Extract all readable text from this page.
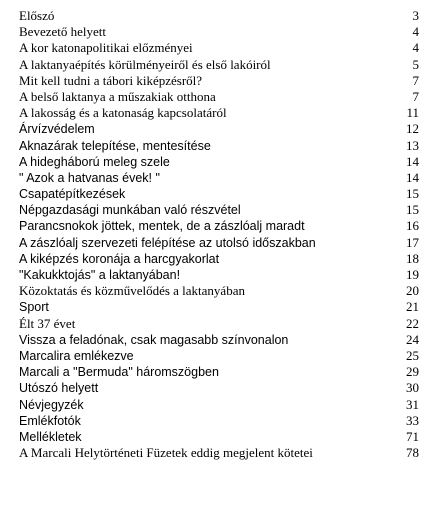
Előszó	3
Bevezető helyett	4
A kor katonapolitikai előzményei	4
A laktanyaépítés körülményeiről és első lakóiról	5
Mit kell tudni a tábori kiképzésről?	7
A belső laktanya a műszakiak otthona	7
A lakosság és a katonaság kapcsolatáról	11
Árvízvédelem	12
Aknazárak telepítése, mentesítése	13
A hidegháború meleg szele	14
" Azok a hatvanas évek! "	14
Csapatépítkezések	15
Népgazdasági munkában való részvétel	15
Parancsnokok jöttek, mentek, de a zászlóalj maradt	16
A zászlóalj szervezeti felépítése az utolsó időszakban	17
A kiképzés koronája a harcgyakorlat	18
"Kakukktojás" a laktanyában!	19
Közoktatás és közművelődés a laktanyában	20
Sport	21
Élt 37 évet	22
Vissza a feladónak, csak magasabb színvonalon	24
Marcalira emlékezve	25
Marcali a "Bermuda" háromszögben	29
Utószó helyett	30
Névjegyzék	31
Emlékfotók	33
Mellékletek	71
A Marcali Helytörténeti Füzetek eddig megjelent kötetei	78
